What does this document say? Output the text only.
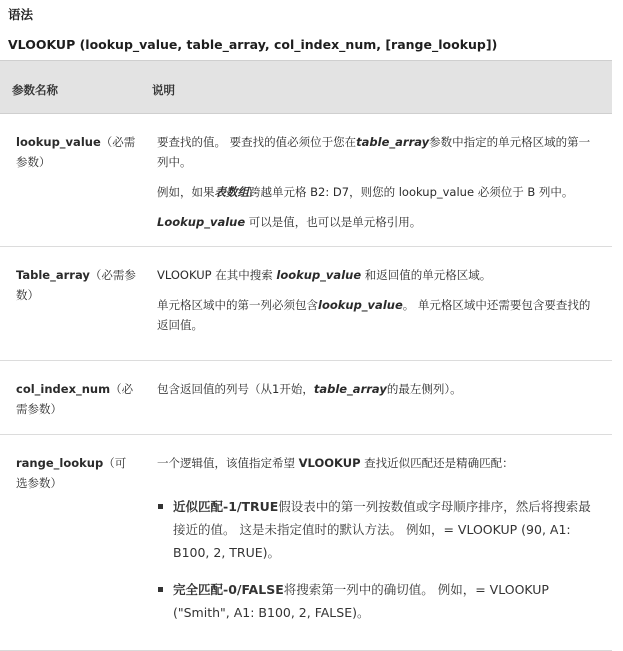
语法
VLOOKUP (lookup_value, table_array, col_index_num, [range_lookup])
参数名称	说明
lookup_value（必需参数）

要查找的值。 要查找的值必须位于您在table_array参数中指定的单元格区域的第一列中。

例如，如果表数组跨越单元格 B2: D7，则您的 lookup_value 必须位于 B 列中。

Lookup_value 可以是值，也可以是单元格引用。

Table_array（必需参数）

VLOOKUP 在其中搜索 lookup_value 和返回值的单元格区域。

单元格区域中的第一列必须包含lookup_value。 单元格区域中还需要包含要查找的返回值。

col_index_num（必需参数）

包含返回值的列号（从1开始，table_array的最左侧列）。

range_lookup（可选参数）

一个逻辑值，该值指定希望 VLOOKUP 查找近似匹配还是精确匹配：

近似匹配-1/TRUE假设表中的第一列按数值或字母顺序排序，然后将搜索最接近的值。 这是未指定值时的默认方法。 例如，= VLOOKUP (90, A1: B100, 2, TRUE)。
完全匹配-0/FALSE将搜索第一列中的确切值。 例如，= VLOOKUP ("Smith", A1: B100, 2, FALSE)。
